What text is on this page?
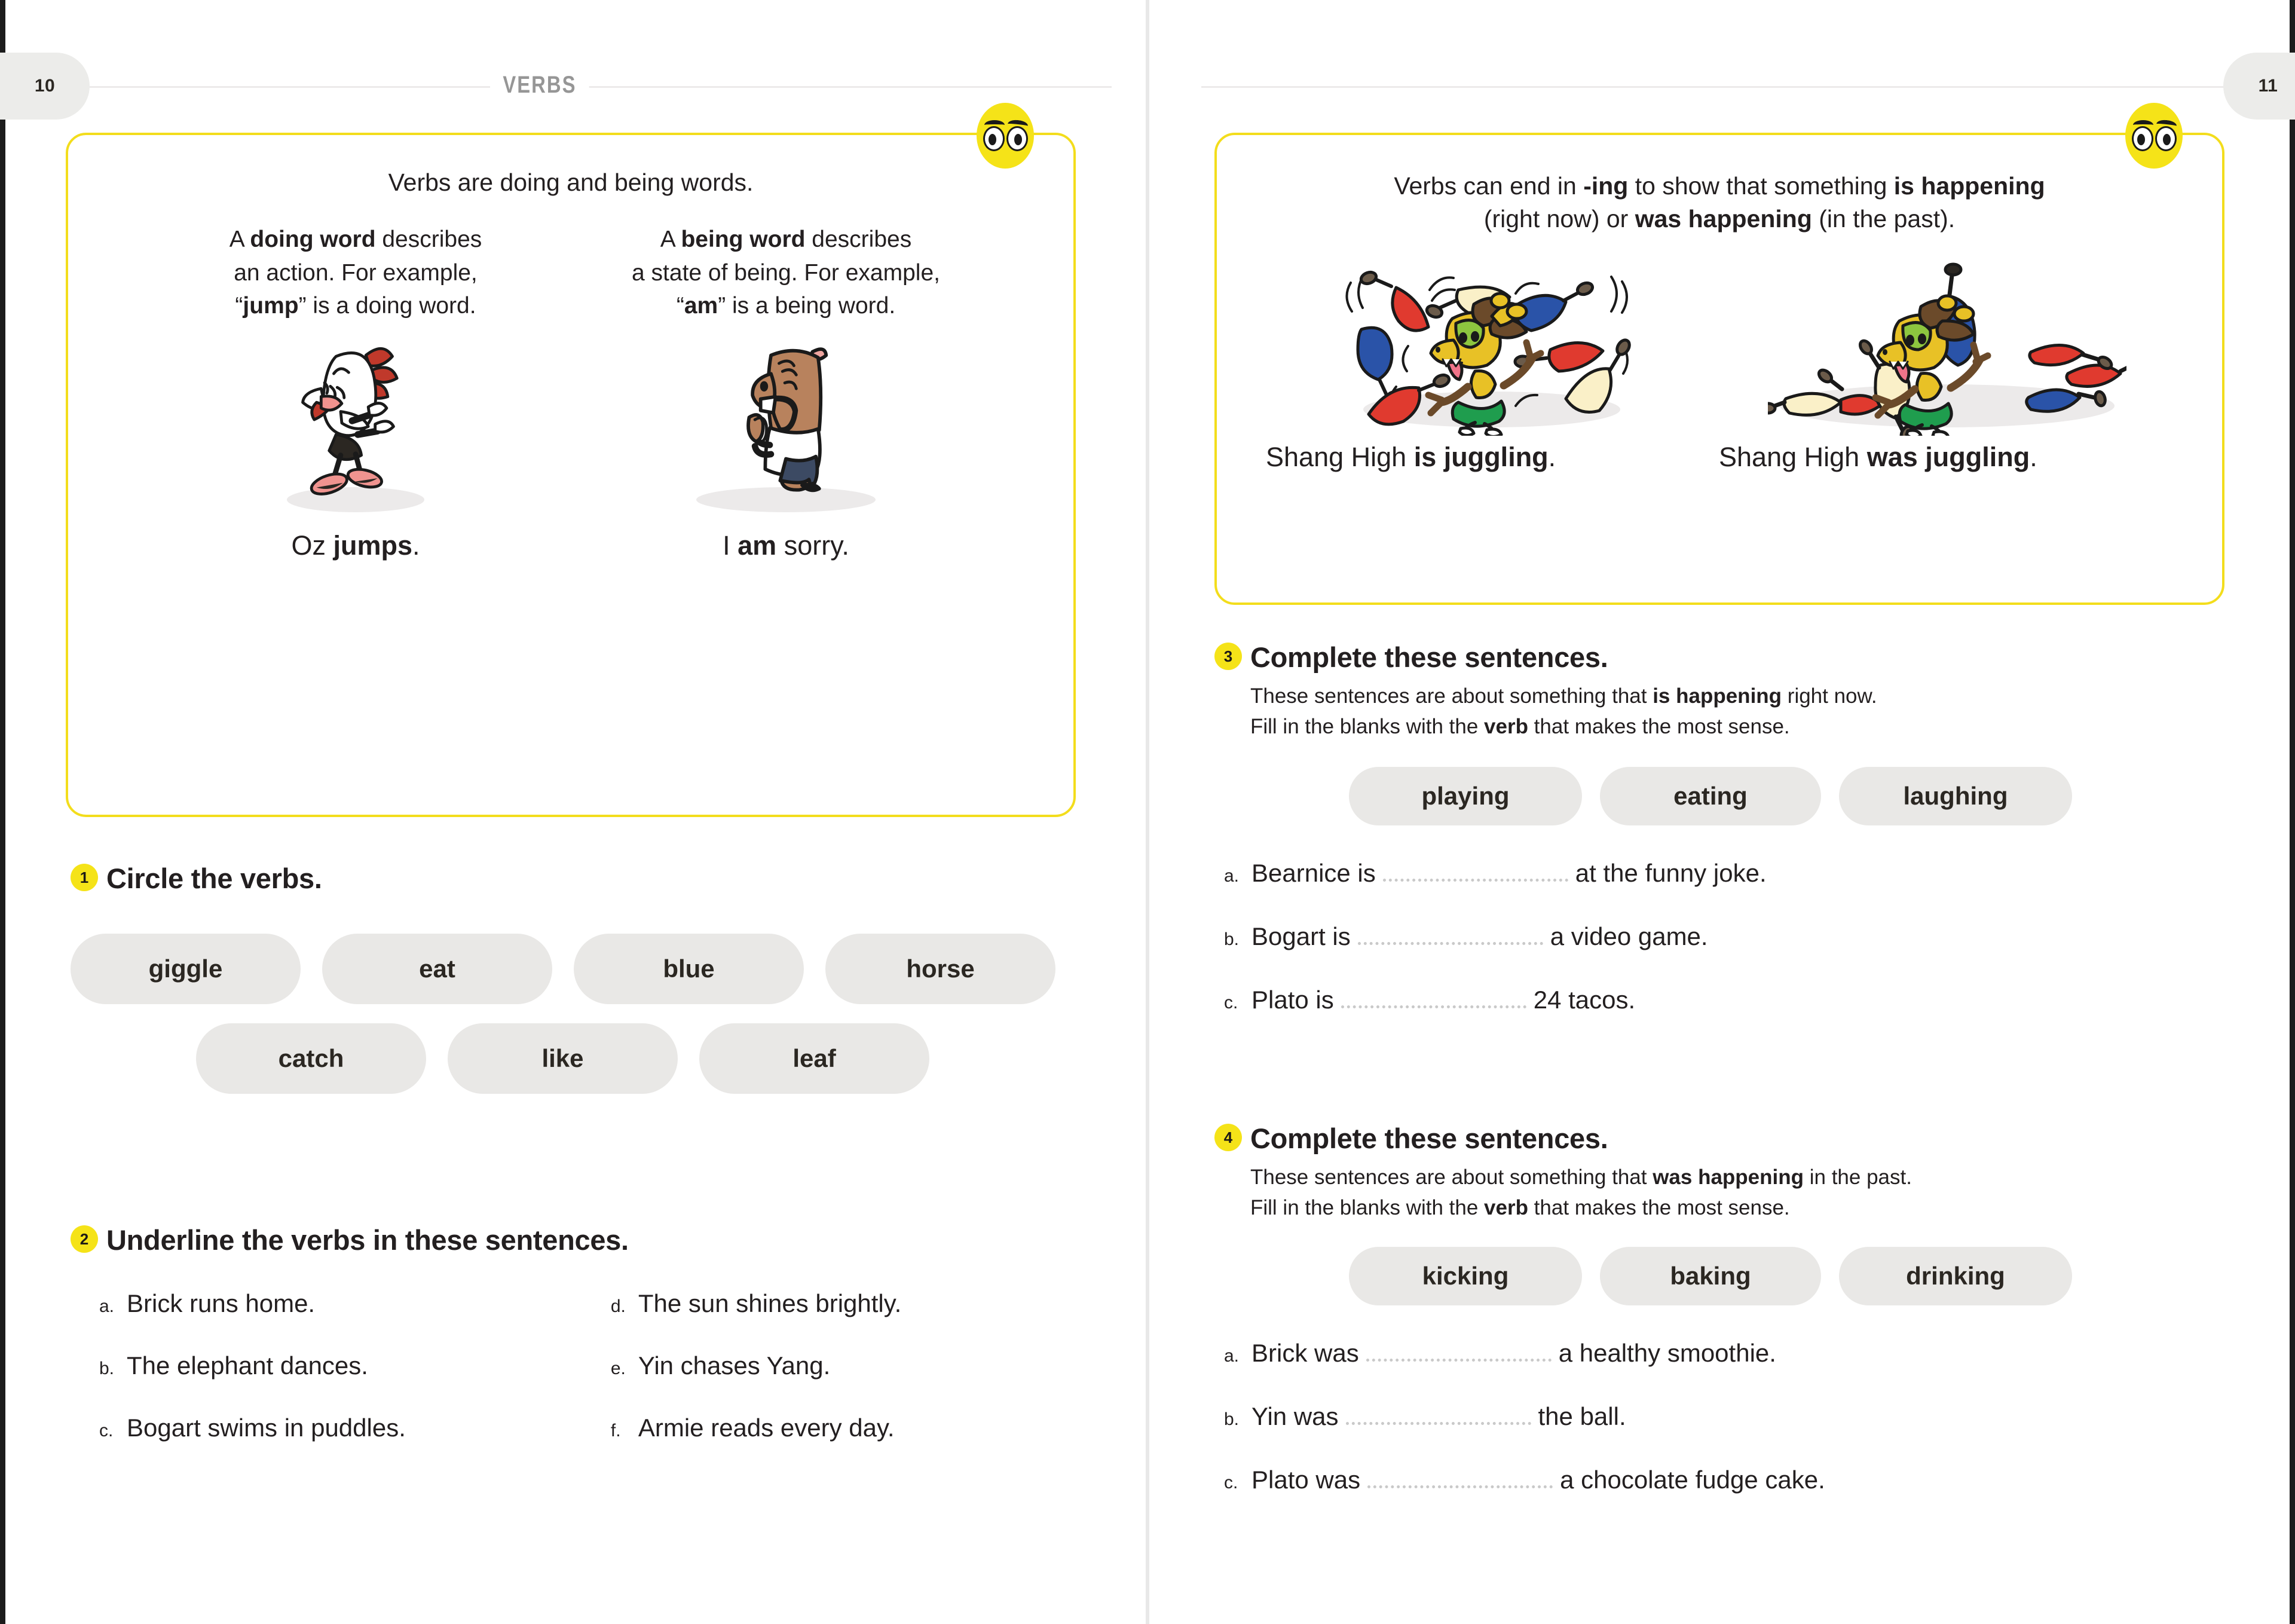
10	VERBS	11
Verbs are doing and being words.
A doing word describes
an action. For example,
“jump” is a doing word.
A being word describes
a state of being. For example,
“am” is a being word.
Oz jumps.	I am sorry.
1 Circle the verbs.
giggle	eat	blue	horse
catch	like	leaf
2 Underline the verbs in these sentences.
a. Brick runs home.
b. The elephant dances.
c. Bogart swims in puddles.
d. The sun shines brightly.
e. Yin chases Yang.
f. Armie reads every day.
Verbs can end in -ing to show that something is happening
(right now) or was happening (in the past).
Shang High is juggling.	Shang High was juggling.
3 Complete these sentences.
These sentences are about something that is happening right now.
Fill in the blanks with the verb that makes the most sense.
playing	eating	laughing
a. Bearnice is	at the funny joke.
b. Bogart is	a video game.
c. Plato is	24 tacos.
4 Complete these sentences.
These sentences are about something that was happening in the past.
Fill in the blanks with the verb that makes the most sense.
kicking	baking	drinking
a. Brick was	a healthy smoothie.
b. Yin was	the ball.
c. Plato was	a chocolate fudge cake.
